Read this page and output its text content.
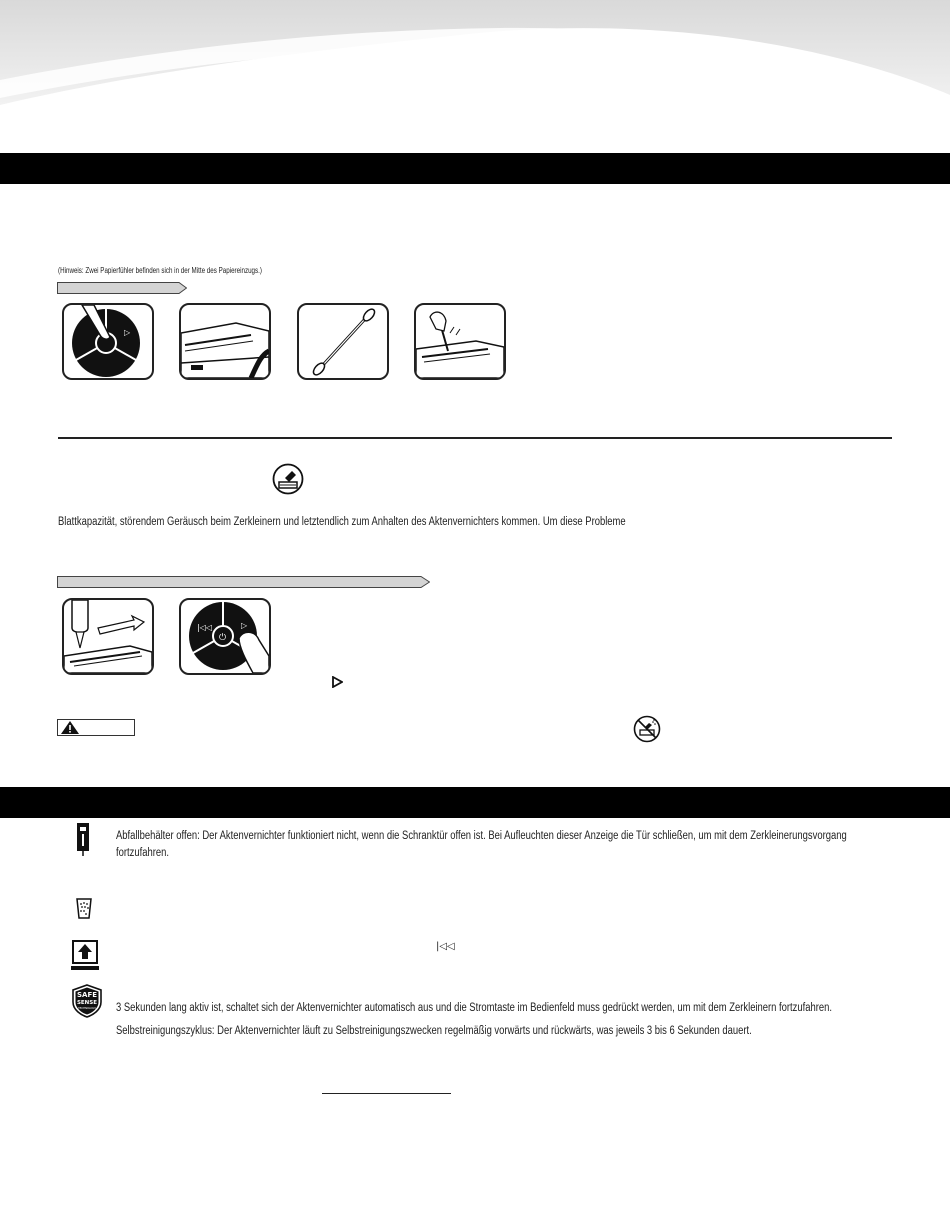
(Hinweis: Zwei Papierfühler befinden sich in der Mitte des Papiereinzugs.)
▷
Blattkapazität, störendem Geräusch beim Zerkleinern und letztendlich zum Anhalten des Aktenvernichters kommen. Um diese Probleme
⏻
|◁◁	▷
Abfallbehälter offen: Der Aktenvernichter funktioniert nicht, wenn die Schranktür offen ist. Bei Aufleuchten dieser Anzeige die Tür schließen, um mit dem Zerkleinerungsvorgang fortzufahren.
|◁◁
SAFE
SENSE
TECHNOLOGY 3 Sekunden lang aktiv ist, schaltet sich der Aktenvernichter automatisch aus und die Stromtaste im Bedienfeld muss gedrückt werden, um mit dem Zerkleinern fortzufahren.
Selbstreinigungszyklus: Der Aktenvernichter läuft zu Selbstreinigungszwecken regelmäßig vorwärts und rückwärts, was jeweils 3 bis 6 Sekunden dauert.
